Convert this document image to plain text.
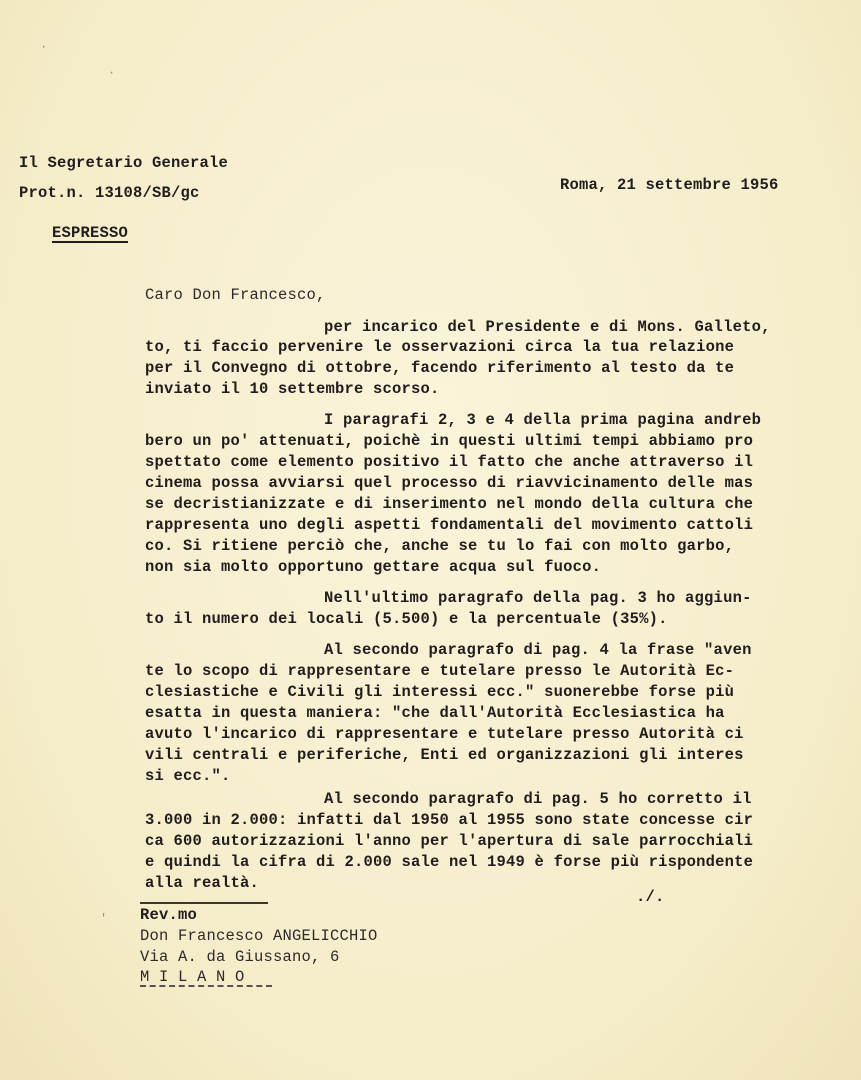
Il Segretario Generale
Prot.n. 13108/SB/gc	Roma, 21 settembre 1956
ESPRESSO
Caro Don Francesco,
per incarico del Presidente e di Mons. Galleto,
to, ti faccio pervenire le osservazioni circa la tua relazione
per il Convegno di ottobre, facendo riferimento al testo da te
inviato il 10 settembre scorso.
I paragrafi 2, 3 e 4 della prima pagina andreb
bero un po' attenuati, poichè in questi ultimi tempi abbiamo pro
spettato come elemento positivo il fatto che anche attraverso il
cinema possa avviarsi quel processo di riavvicinamento delle mas
se decristianizzate e di inserimento nel mondo della cultura che
rappresenta uno degli aspetti fondamentali del movimento cattoli
co. Si ritiene perciò che, anche se tu lo fai con molto garbo,
non sia molto opportuno gettare acqua sul fuoco.
Nell'ultimo paragrafo della pag. 3 ho aggiun-
to il numero dei locali (5.500) e la percentuale (35%).
Al secondo paragrafo di pag. 4 la frase "aven
te lo scopo di rappresentare e tutelare presso le Autorità Ec-
clesiastiche e Civili gli interessi ecc." suonerebbe forse più
esatta in questa maniera: "che dall'Autorità Ecclesiastica ha
avuto l'incarico di rappresentare e tutelare presso Autorità ci
vili centrali e periferiche, Enti ed organizzazioni gli interes
si ecc.".
Al secondo paragrafo di pag. 5 ho corretto il
3.000 in 2.000: infatti dal 1950 al 1955 sono state concesse cir
ca 600 autorizzazioni l'anno per l'apertura di sale parrocchiali
e quindi la cifra di 2.000 sale nel 1949 è forse più rispondente
alla realtà.
./.
Rev.mo
Don Francesco ANGELICCHIO
Via A. da Giussano, 6
M I L A N O
·
·
'
